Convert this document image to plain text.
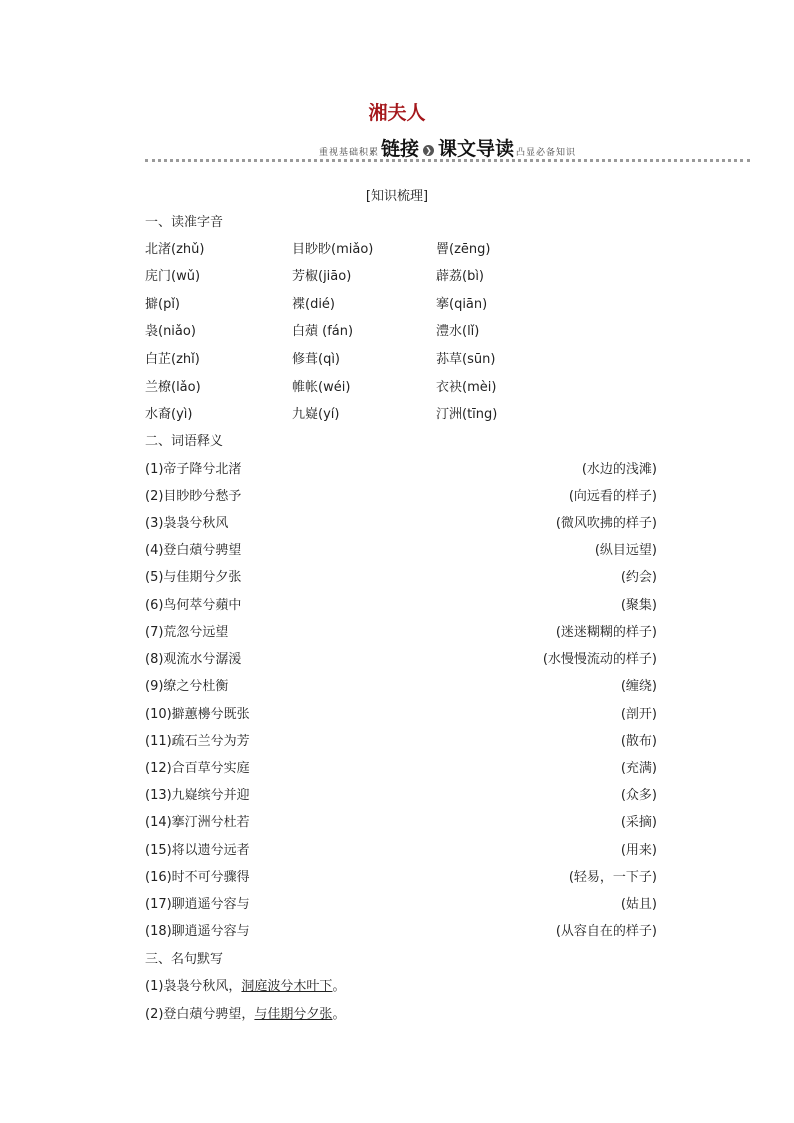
湘夫人
重视基础积累 链接 ❯ 课文导读 凸显必备知识
[知识梳理]
一、读准字音
北渚(zhǔ)	目眇眇(miǎo)	罾(zēng)
庑门(wǔ)	芳椒(jiāo)	薜荔(bì)
擗(pǐ)	褋(dié)	搴(qiān)
袅(niǎo)	白薠 (fán)	澧水(lǐ)
白芷(zhǐ)	修葺(qì)	荪草(sūn)
兰橑(lǎo)	帷帐(wéi)	衣袂(mèi)
水裔(yì)	九嶷(yí)	汀洲(tīng)
二、词语释义
(1)帝子降兮北渚	(水边的浅滩)
(2)目眇眇兮愁予	(向远看的样子)
(3)袅袅兮秋风	(微风吹拂的样子)
(4)登白薠兮骋望	(纵目远望)
(5)与佳期兮夕张	(约会)
(6)鸟何萃兮蘋中	(聚集)
(7)荒忽兮远望	(迷迷糊糊的样子)
(8)观流水兮潺湲	(水慢慢流动的样子)
(9)缭之兮杜衡	(缠绕)
(10)擗蕙櫋兮既张	(剖开)
(11)疏石兰兮为芳	(散布)
(12)合百草兮实庭	(充满)
(13)九嶷缤兮并迎	(众多)
(14)搴汀洲兮杜若	(采摘)
(15)将以遗兮远者	(用来)
(16)时不可兮骤得	(轻易，一下子)
(17)聊逍遥兮容与	(姑且)
(18)聊逍遥兮容与	(从容自在的样子)
三、名句默写
(1)袅袅兮秋风，洞庭波兮木叶下。
(2)登白薠兮骋望，与佳期兮夕张。
